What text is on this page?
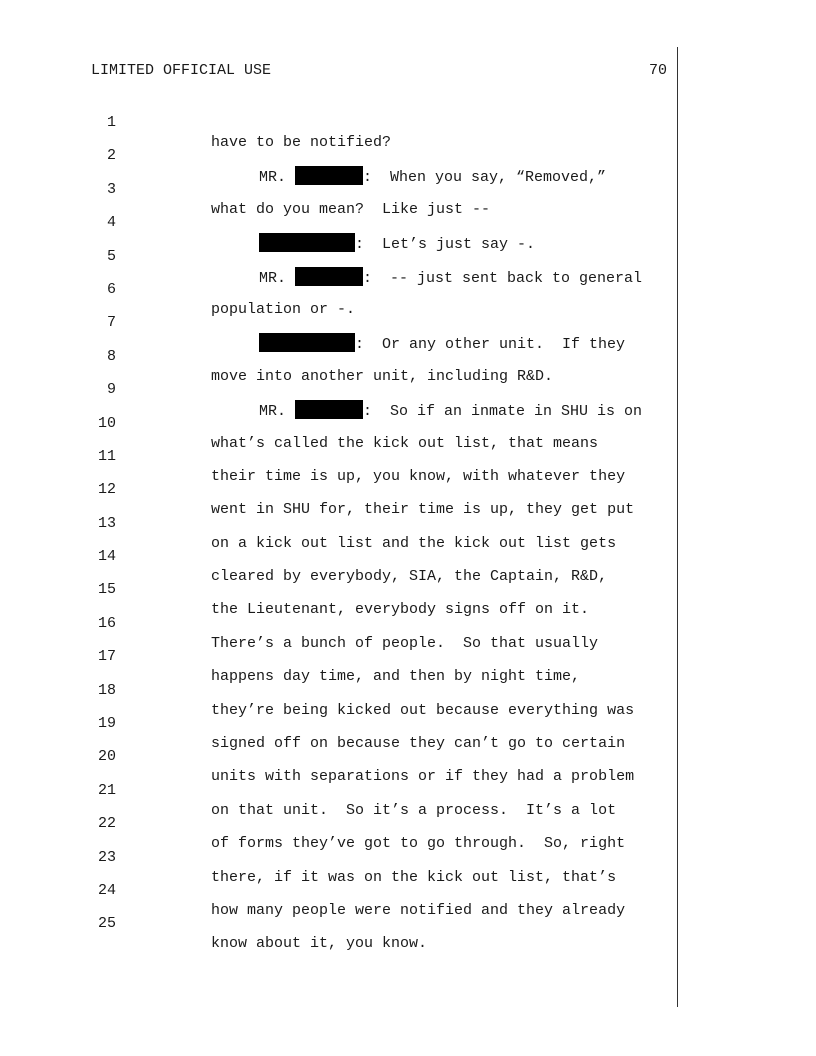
LIMITED OFFICIAL USE	70

1

have to be notified?

2

MR.	:  When you say, “Removed,”

3

what do you mean?  Like just --

4

:  Let’s just say -.

5

MR.	:  -- just sent back to general

6

population or -.

7

:  Or any other unit.  If they

8

move into another unit, including R&D.

9

MR.	:  So if an inmate in SHU is on

10

what’s called the kick out list, that means

11

their time is up, you know, with whatever they

12

went in SHU for, their time is up, they get put

13

on a kick out list and the kick out list gets

14

cleared by everybody, SIA, the Captain, R&D,

15

the Lieutenant, everybody signs off on it.

16

There’s a bunch of people.  So that usually

17

happens day time, and then by night time,

18

they’re being kicked out because everything was

19

signed off on because they can’t go to certain

20

units with separations or if they had a problem

21

on that unit.  So it’s a process.  It’s a lot

22

of forms they’ve got to go through.  So, right

23

there, if it was on the kick out list, that’s

24

how many people were notified and they already

25

know about it, you know.
